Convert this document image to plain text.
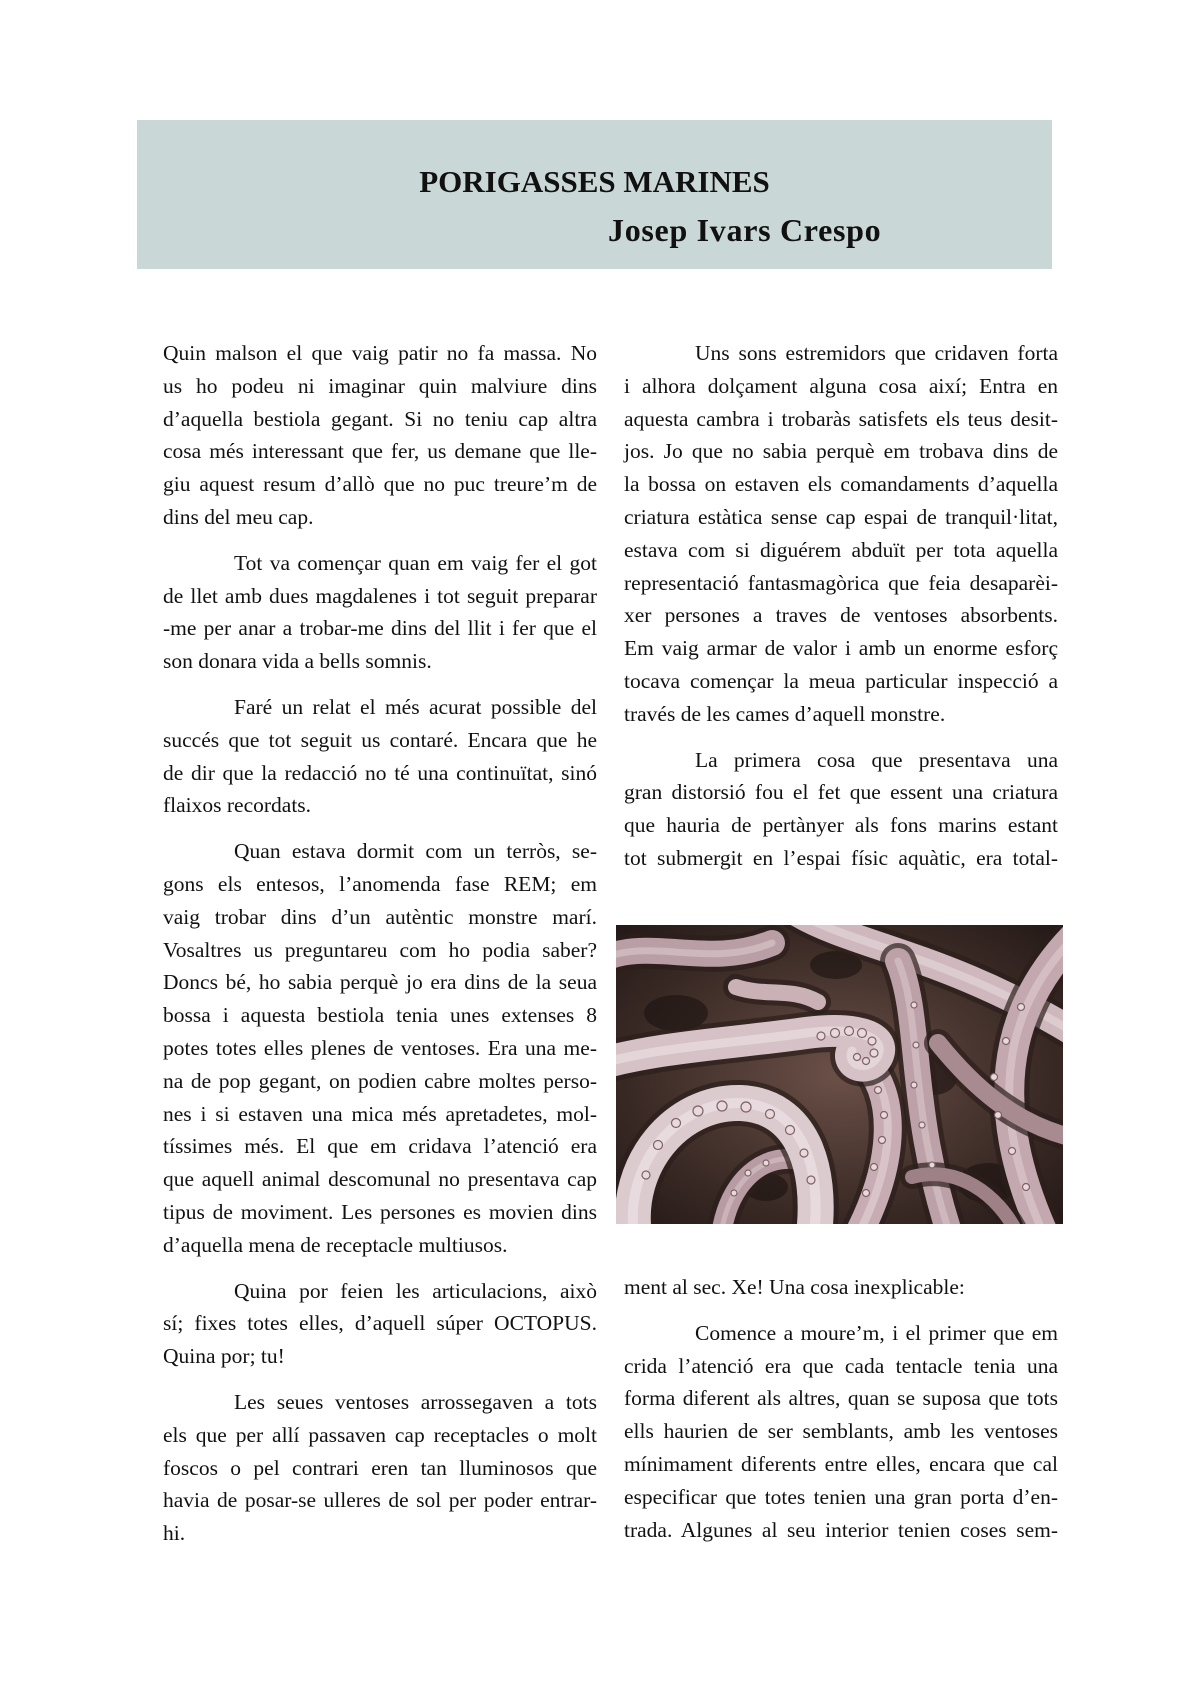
PORIGASSES MARINES
Josep Ivars Crespo
Quin malson el que vaig patir no fa massa. No
us ho podeu ni imaginar quin malviure dins
d’aquella bestiola gegant. Si no teniu cap altra
cosa més interessant que fer, us demane que lle-
giu aquest resum d’allò que no puc treure’m de
dins del meu cap.
Tot va començar quan em vaig fer el got
de llet amb dues magdalenes i tot seguit preparar
-me per anar a trobar-me dins del llit i fer que el
son donara vida a bells somnis.
Faré un relat el més acurat possible del
succés que tot seguit us contaré. Encara que he
de dir que la redacció no té una continuïtat, sinó
flaixos recordats.
Quan estava dormit com un terròs, se-
gons els entesos, l’anomenda fase REM; em
vaig trobar dins d’un autèntic monstre marí.
Vosaltres us preguntareu com ho podia saber?
Doncs bé, ho sabia perquè jo era dins de la seua
bossa i aquesta bestiola tenia unes extenses 8
potes totes elles plenes de ventoses. Era una me-
na de pop gegant, on podien cabre moltes perso-
nes i si estaven una mica més apretadetes, mol-
tíssimes més. El que em cridava l’atenció era
que aquell animal descomunal no presentava cap
tipus de moviment. Les persones es movien dins
d’aquella mena de receptacle multiusos.
Quina por feien les articulacions, això
sí; fixes totes elles, d’aquell súper OCTOPUS.
Quina por; tu!
Les seues ventoses arrossegaven a tots
els que per allí passaven cap receptacles o molt
foscos o pel contrari eren tan lluminosos que
havia de posar-se ulleres de sol per poder entrar-
hi.
Uns sons estremidors que cridaven forta
i alhora dolçament alguna cosa així; Entra en
aquesta cambra i trobaràs satisfets els teus desit-
jos. Jo que no sabia perquè em trobava dins de
la bossa on estaven els comandaments d’aquella
criatura estàtica sense cap espai de tranquil·litat,
estava com si diguérem abduït per tota aquella
representació fantasmagòrica que feia desaparèi-
xer persones a traves de ventoses absorbents.
Em vaig armar de valor i amb un enorme esforç
tocava començar la meua particular inspecció a
través de les cames d’aquell monstre.
La primera cosa que presentava una
gran distorsió fou el fet que essent una criatura
que hauria de pertànyer als fons marins estant
tot submergit en l’espai físic aquàtic, era total-
ment al sec. Xe! Una cosa inexplicable:
Comence a moure’m, i el primer que em
crida l’atenció era que cada tentacle tenia una
forma diferent als altres, quan se suposa que tots
ells haurien de ser semblants, amb les ventoses
mínimament diferents entre elles, encara que cal
especificar que totes tenien una gran porta d’en-
trada. Algunes al seu interior tenien coses sem-
